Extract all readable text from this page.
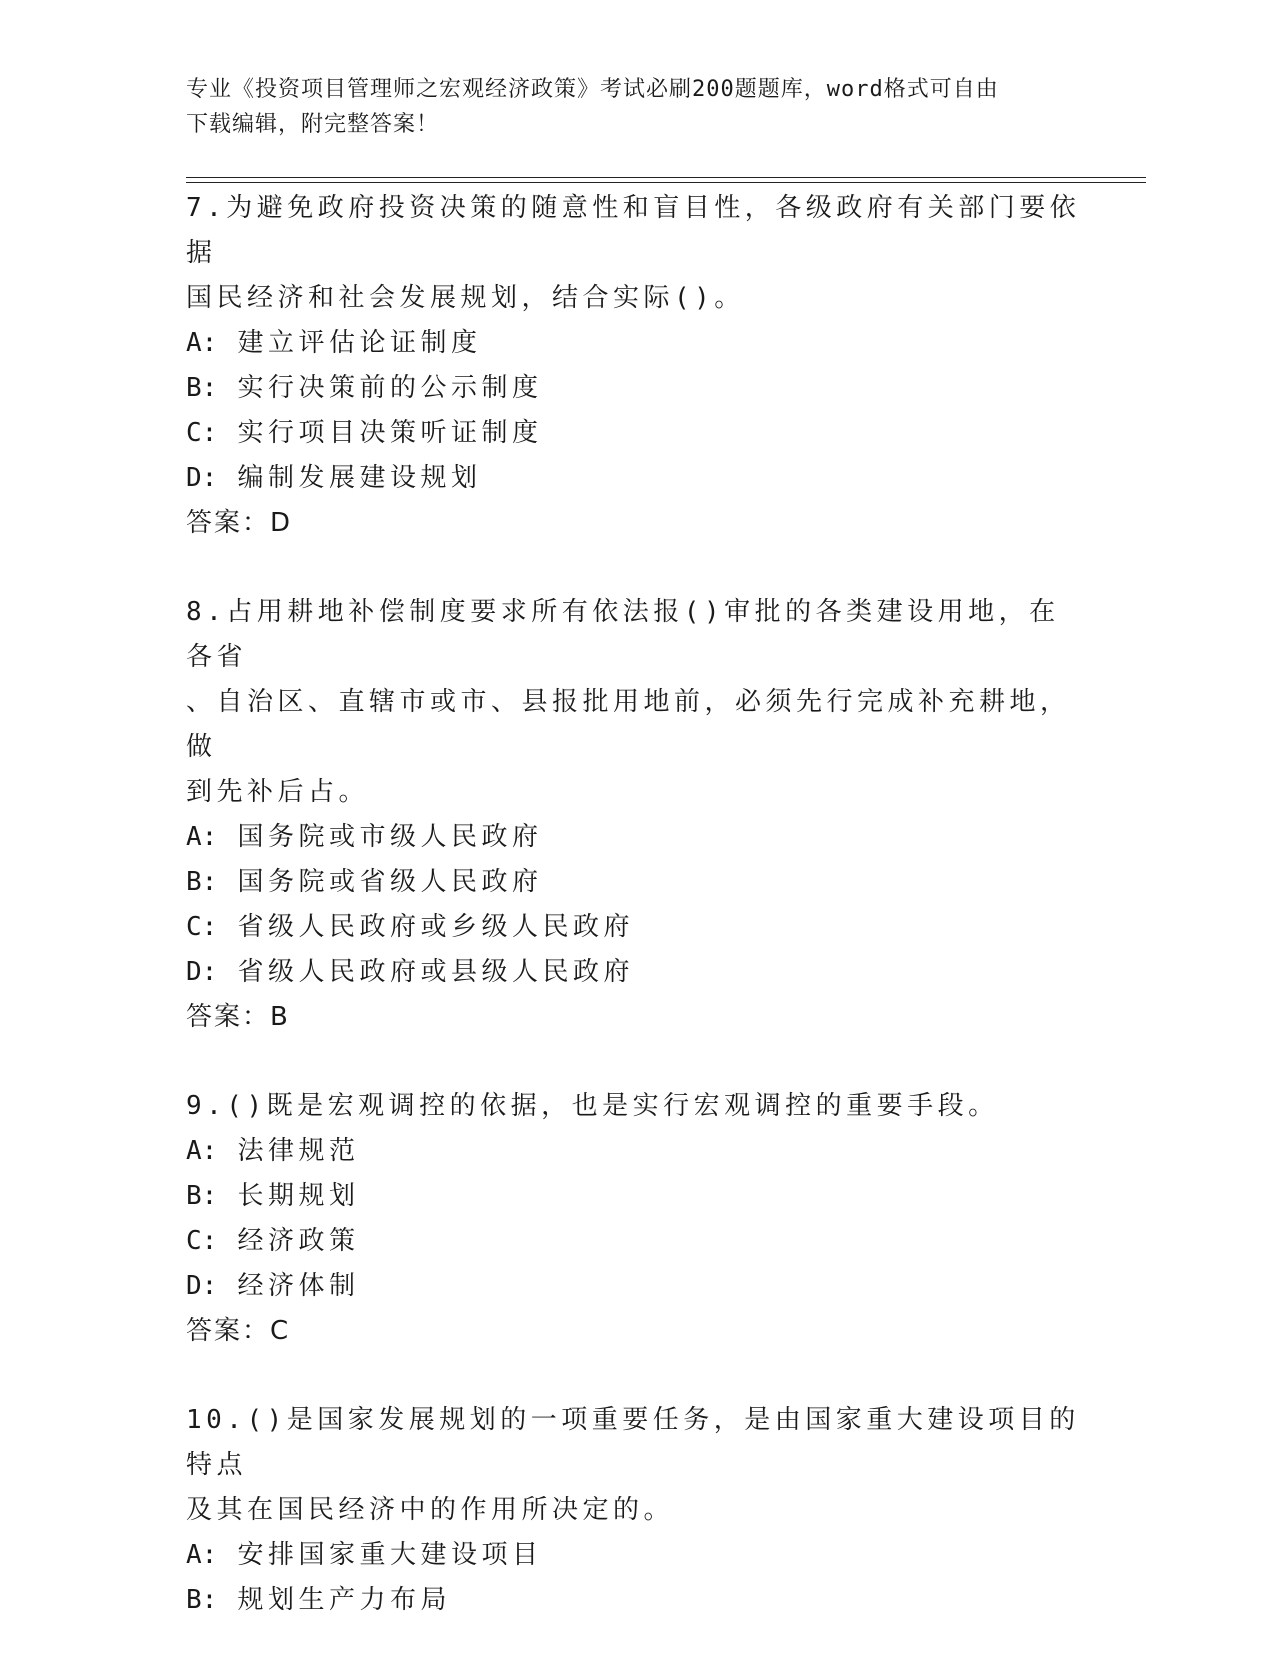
专业《投资项目管理师之宏观经济政策》考试必刷200题题库，word格式可自由
下载编辑，附完整答案！
7.为避免政府投资决策的随意性和盲目性，各级政府有关部门要依据
国民经济和社会发展规划，结合实际()。
A: 建立评估论证制度
B: 实行决策前的公示制度
C: 实行项目决策听证制度
D: 编制发展建设规划
答案：D
8.占用耕地补偿制度要求所有依法报()审批的各类建设用地，在各省
、自治区、直辖市或市、县报批用地前，必须先行完成补充耕地，做
到先补后占。
A: 国务院或市级人民政府
B: 国务院或省级人民政府
C: 省级人民政府或乡级人民政府
D: 省级人民政府或县级人民政府
答案：B
9.()既是宏观调控的依据，也是实行宏观调控的重要手段。
A: 法律规范
B: 长期规划
C: 经济政策
D: 经济体制
答案：C
10.()是国家发展规划的一项重要任务，是由国家重大建设项目的特点
及其在国民经济中的作用所决定的。
A: 安排国家重大建设项目
B: 规划生产力布局
